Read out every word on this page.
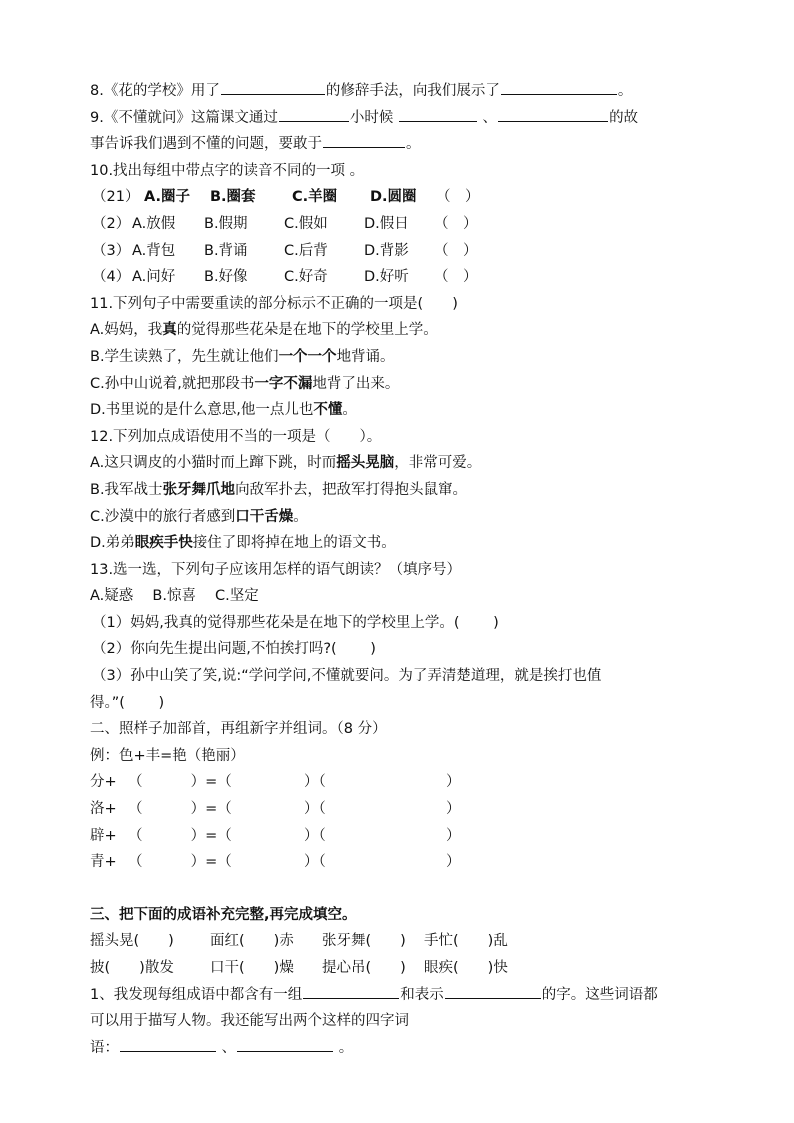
8.《花的学校》用了	的修辞手法，向我们展示了	。
9.《不懂就问》这篇课文通过	小时候	、	的故
事告诉我们遇到不懂的问题，要敢于	。
10.找出每组中带点字的读音不同的一项 。
（21） A.圈子 B.圈套	C.羊圈 D.圆圈 （　）
（2） A.放假 B.假期	C.假如	D.假日 （　）
（3） A.背包 B.背诵	C.后背	D.背影 （　）
（4） A.问好 B.好像	C.好奇	D.好听 （　）
11.下列句子中需要重读的部分标示不正确的一项是(　　)
A.妈妈，我真的觉得那些花朵是在地下的学校里上学。
B.学生读熟了，先生就让他们一个一个地背诵。
C.孙中山说着,就把那段书一字不漏地背了出来。
D.书里说的是什么意思,他一点儿也不懂。
12.下列加点成语使用不当的一项是（　　）。
A.这只调皮的小猫时而上蹿下跳，时而摇头晃脑，非常可爱。
B.我军战士张牙舞爪地向敌军扑去，把敌军打得抱头鼠窜。
C.沙漠中的旅行者感到口干舌燥。
D.弟弟眼疾手快接住了即将掉在地上的语文书。
13.选一选，下列句子应该用怎样的语气朗读？（填序号）
A.疑惑　 B.惊喜　 C.坚定
（1）妈妈,我真的觉得那些花朵是在地下的学校里上学。(　　 )
（2）你向先生提出问题,不怕挨打吗?(　　 )
（3）孙中山笑了笑,说:“学问学问,不懂就要问。为了弄清楚道理，就是挨打也值
得。”(　　 )
二、照样子加部首，再组新字并组词。（8 分）
例：色+丰=艳（艳丽）
分+ （　　　 ）=（	）（	）
洛+ （　　　 ）=（	）（	）
辟+ （　　　 ）=（	）（	）
青+ （　　　 ）=（	）（	）
三、把下面的成语补充完整,再完成填空。
摇头晃(　　) 面红(　　)赤 张牙舞(　　) 手忙(　　)乱
披(　　)散发 口干(　　)燥 提心吊(　　) 眼疾(　　)快
1、我发现每组成语中都含有一组	和表示	的字。这些词语都
可以用于描写人物。我还能写出两个这样的四字词
语：	、	。
